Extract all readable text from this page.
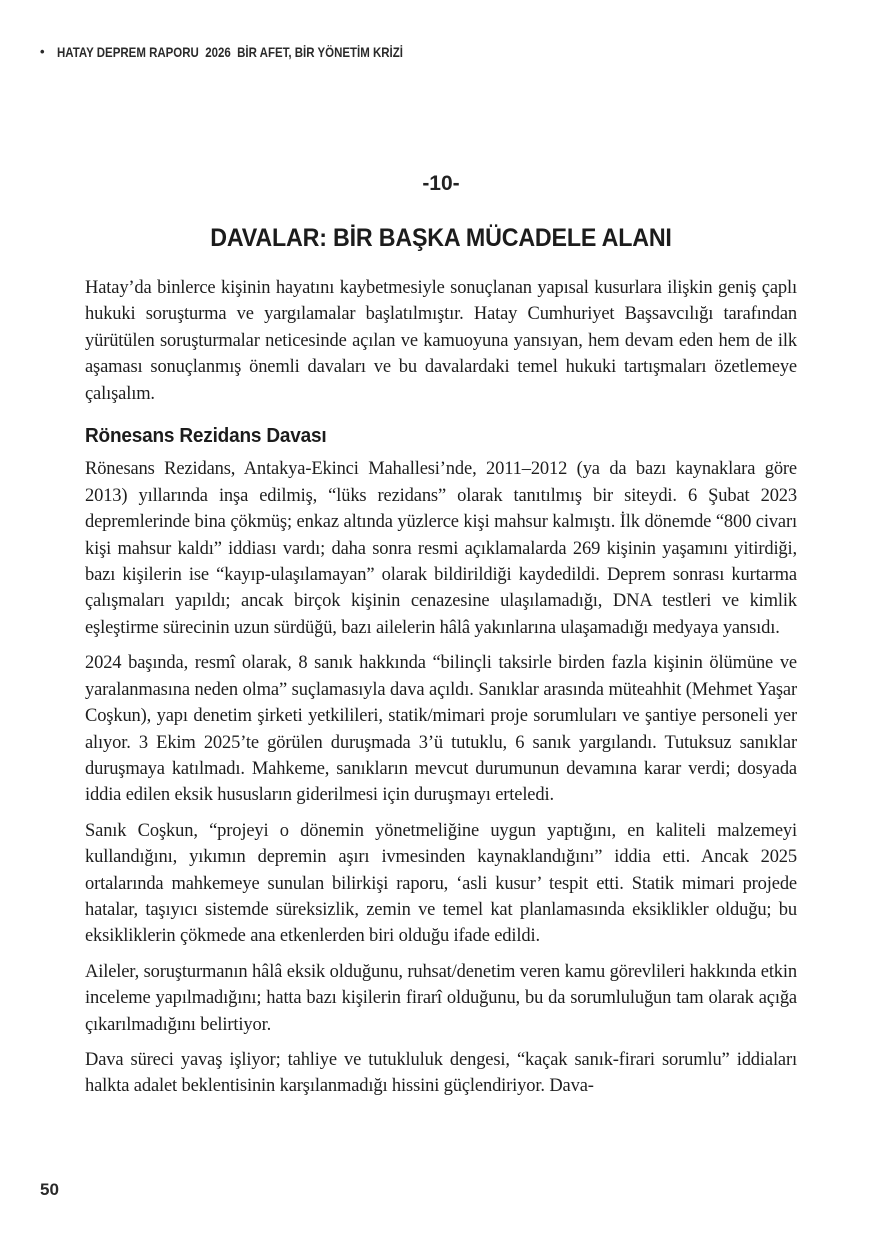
• HATAY DEPREM RAPORU  2026  BİR AFET, BİR YÖNETİM KRİZİ
-10-
DAVALAR: BİR BAŞKA MÜCADELE ALANI

Hatay’da binlerce kişinin hayatını kaybetmesiyle sonuçlanan yapısal kusurlara ilişkin geniş çaplı hukuki soruşturma ve yargılamalar başlatılmıştır. Hatay Cumhuriyet Başsavcılığı tarafından yürütülen soruşturmalar neticesinde açılan ve kamuoyuna yansıyan, hem devam eden hem de ilk aşaması sonuçlanmış önemli davaları ve bu davalardaki temel hukuki tartışmaları özetlemeye çalışalım.

Rönesans Rezidans Davası

Rönesans Rezidans, Antakya-Ekinci Mahallesi’nde, 2011–2012 (ya da bazı kaynaklara göre 2013) yıllarında inşa edilmiş, “lüks rezidans” olarak tanıtılmış bir siteydi. 6 Şubat 2023 depremlerinde bina çökmüş; enkaz altında yüzlerce kişi mahsur kalmıştı. İlk dönemde “800 civarı kişi mahsur kaldı” iddiası vardı; daha sonra resmi açıklamalarda 269 kişinin yaşamını yitirdiği, bazı kişilerin ise “kayıp-ulaşılamayan” olarak bildirildiği kaydedildi. Deprem sonrası kurtarma çalışmaları yapıldı; ancak birçok kişinin cenazesine ulaşılamadığı, DNA testleri ve kimlik eşleştirme sürecinin uzun sürdüğü, bazı ailelerin hâlâ yakınlarına ulaşamadığı medyaya yansıdı.

2024 başında, resmî olarak, 8 sanık hakkında “bilinçli taksirle birden fazla kişinin ölümüne ve yaralanmasına neden olma” suçlamasıyla dava açıldı. Sanıklar arasında müteahhit (Mehmet Yaşar Coşkun), yapı denetim şirketi yetkilileri, statik/mimari proje sorumluları ve şantiye personeli yer alıyor. 3 Ekim 2025’te görülen duruşmada 3’ü tutuklu, 6 sanık yargılandı. Tutuksuz sanıklar duruşmaya katılmadı. Mahkeme, sanıkların mevcut durumunun devamına karar verdi; dosyada iddia edilen eksik hususların giderilmesi için duruşmayı erteledi.

Sanık Coşkun, “projeyi o dönemin yönetmeliğine uygun yaptığını, en kaliteli malzemeyi kullandığını, yıkımın depremin aşırı ivmesinden kaynaklandığını” iddia etti. Ancak 2025 ortalarında mahkemeye sunulan bilirkişi raporu, ‘asli kusur’ tespit etti. Statik mimari projede hatalar, taşıyıcı sistemde süreksizlik, zemin ve temel kat planlamasında eksiklikler olduğu; bu eksikliklerin çökmede ana etkenlerden biri olduğu ifade edildi.

Aileler, soruşturmanın hâlâ eksik olduğunu, ruhsat/denetim veren kamu görevlileri hakkında etkin inceleme yapılmadığını; hatta bazı kişilerin firarî olduğunu, bu da sorumluluğun tam olarak açığa çıkarılmadığını belirtiyor.

Dava süreci yavaş işliyor; tahliye ve tutukluluk dengesi, “kaçak sanık-firari sorumlu” iddiaları halkta adalet beklentisinin karşılanmadığı hissini güçlendiriyor. Dava-

50
